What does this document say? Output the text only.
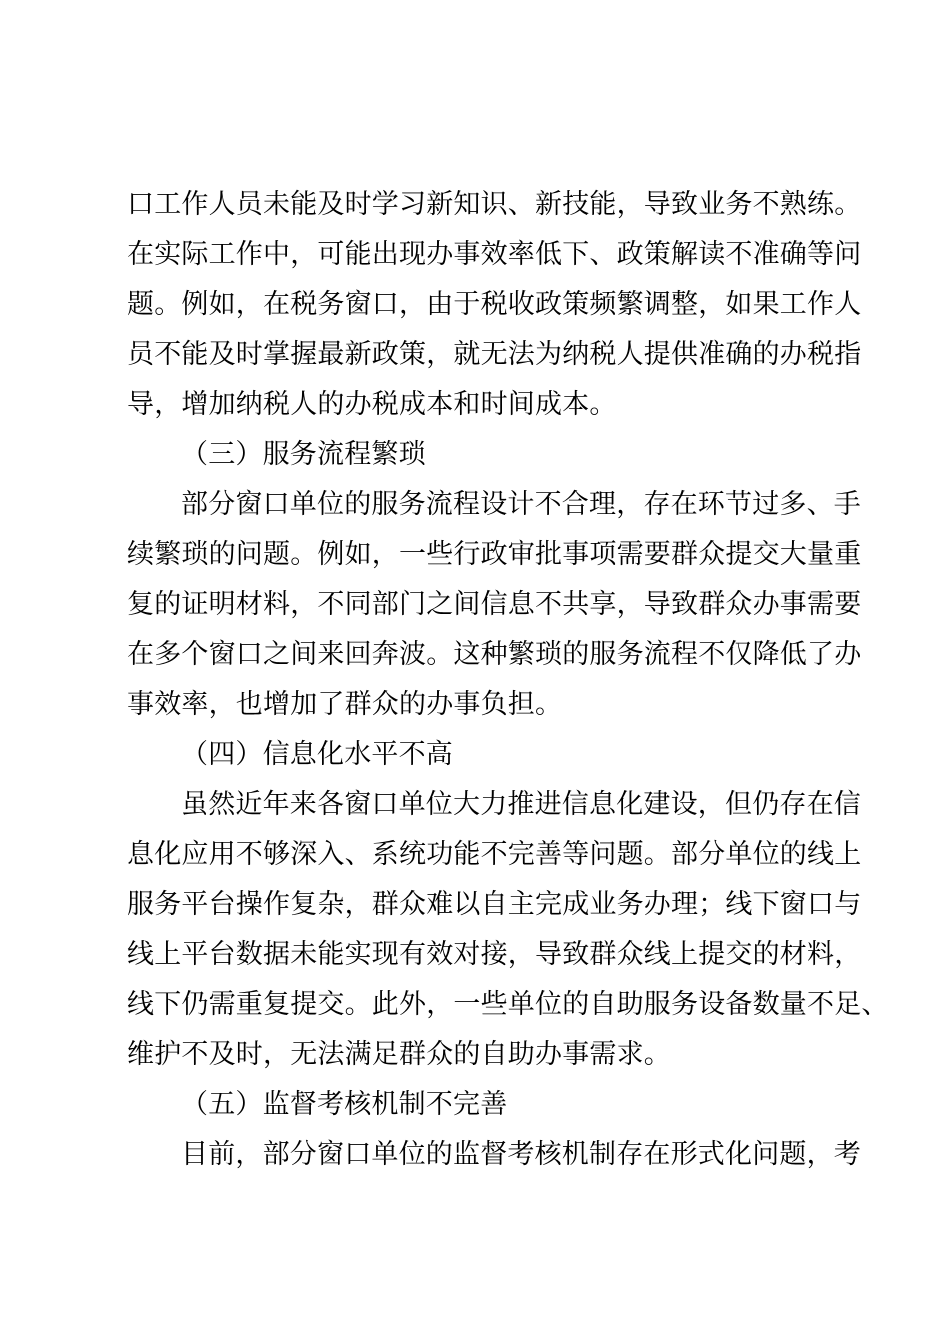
口工作人员未能及时学习新知识、新技能，导致业务不熟练。
在实际工作中，可能出现办事效率低下、政策解读不准确等问
题。例如，在税务窗口，由于税收政策频繁调整，如果工作人
员不能及时掌握最新政策，就无法为纳税人提供准确的办税指
导，增加纳税人的办税成本和时间成本。
（三）服务流程繁琐
部分窗口单位的服务流程设计不合理，存在环节过多、手
续繁琐的问题。例如，一些行政审批事项需要群众提交大量重
复的证明材料，不同部门之间信息不共享，导致群众办事需要
在多个窗口之间来回奔波。这种繁琐的服务流程不仅降低了办
事效率，也增加了群众的办事负担。
（四）信息化水平不高
虽然近年来各窗口单位大力推进信息化建设，但仍存在信
息化应用不够深入、系统功能不完善等问题。部分单位的线上
服务平台操作复杂，群众难以自主完成业务办理；线下窗口与
线上平台数据未能实现有效对接，导致群众线上提交的材料，
线下仍需重复提交。此外，一些单位的自助服务设备数量不足、
维护不及时，无法满足群众的自助办事需求。
（五）监督考核机制不完善
目前，部分窗口单位的监督考核机制存在形式化问题，考
